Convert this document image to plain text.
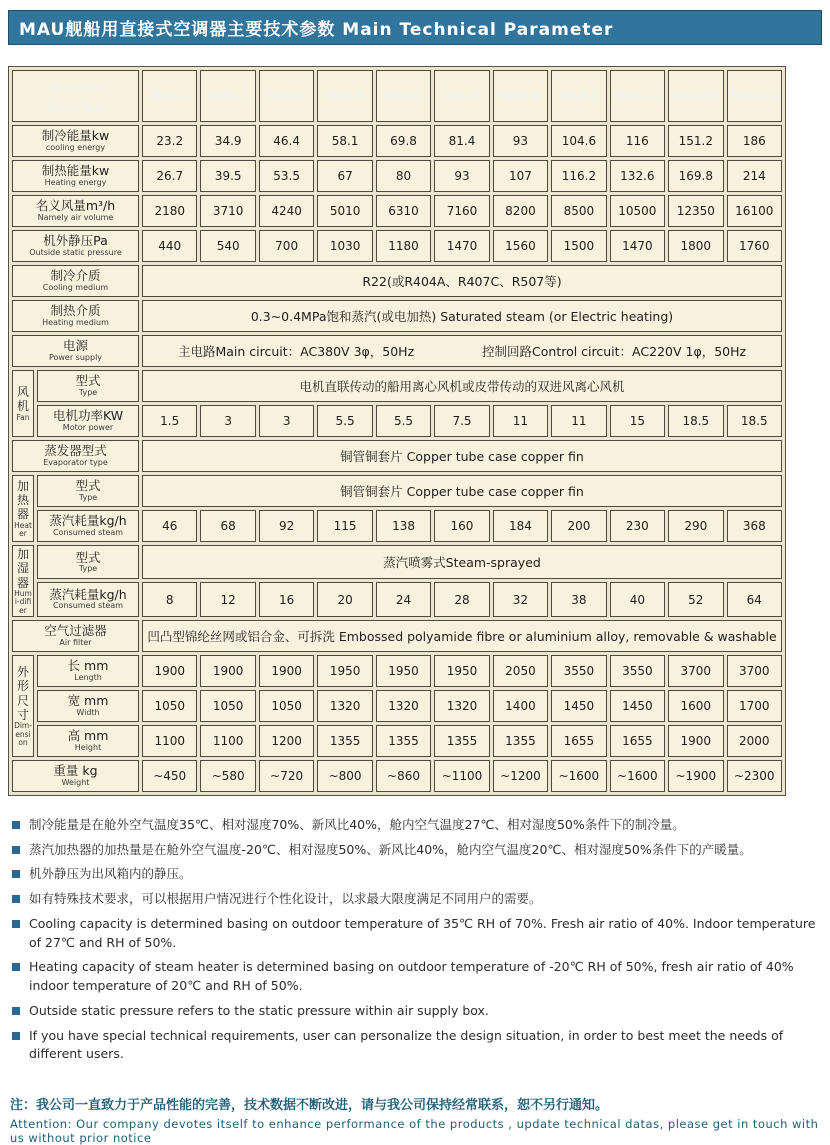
MAU舰船用直接式空调器主要技术参数 Main Technical Parameter
项目/型号
Model/Type		MAU-2	MAU-3	MAU-4	MAU-5	MAU-6	MAU-7	MAU-8	MAU-9	MAU-10	MAU-13	MAU-16

制冷能量kw
cooling energy		23.2	34.9	46.4	58.1	69.8	81.4	93	104.6	116	151.2	186

制热能量kw
Heating energy		26.7	39.5	53.5	67	80	93	107	116.2	132.6	169.8	214

名义风量m³/h
Namely air volume		2180	3710	4240	5010	6310	7160	8200	8500	10500	12350	16100

机外静压Pa
Outside static pressure		440	540	700	1030	1180	1470	1560	1500	1470	1800	1760

制冷介质
Cooling medium		R22(或R404A、R407C、R507等)										

制热介质
Heating medium		0.3~0.4MPa饱和蒸汽(或电加热) Saturated steam (or Electric heating)										

电源
Power supply	主电路Main circuit：AC380V 3φ，50Hz	控制回路Control circuit：AC220V 1φ，50Hz

风机
Fan

型式
Type	电机直联传动的船用离心风机或皮带传动的双进风离心风机

	电机功率KW
Motor power	1.5	3	3	5.5	5.5	7.5	11	11	15	18.5	18.5

蒸发器型式
Evaporator type		铜管铜套片 Copper tube case copper fin										

加热器
Heater

型式
Type	铜管铜套片 Copper tube case copper fin

	蒸汽耗量kg/h
Consumed steam	46	68	92	115	138	160	184	200	230	290	368

加湿器
Humi-difier

型式
Type	蒸汽喷雾式Steam-sprayed

	蒸汽耗量kg/h
Consumed steam	8	12	16	20	24	28	32	38	40	52	64

空气过滤器
Air filter		凹凸型锦纶丝网或铝合金、可拆洗 Embossed polyamide fibre or aluminium alloy, removable & washable										

外形尺寸
Dim-ension

长 mm
Length	1900	1900	1900	1950	1950	1950	2050	3550	3550	3700	3700

	宽 mm
Width	1050	1050	1050	1320	1320	1320	1400	1450	1450	1600	1700

	高 mm
Height	1100	1100	1200	1355	1355	1355	1355	1655	1655	1900	2000

重量 kg
Weight		~450	~580	~720	~800	~860	~1100	~1200	~1600	~1600	~1900	~2300
制冷能量是在舱外空气温度35℃、相对湿度70%、新风比40%，舱内空气温度27℃、相对湿度50%条件下的制冷量。
蒸汽加热器的加热量是在舱外空气温度-20℃、相对湿度50%、新风比40%，舱内空气温度20℃、相对湿度50%条件下的产暖量。
机外静压为出风箱内的静压。
如有特殊技术要求，可以根据用户情况进行个性化设计，以求最大限度满足不同用户的需要。
Cooling capacity is determined basing on outdoor temperature of 35℃ RH of 70%. Fresh air ratio of 40%. Indoor temperature of 27℃ and RH of 50%.
Heating capacity of steam heater is determined basing on outdoor temperature of -20℃ RH of 50%, fresh air ratio of 40% indoor temperature of 20℃ and RH of 50%.
Outside static pressure refers to the static pressure within air supply box.
If you have special technical requirements, user can personalize the design situation, in order to best meet the needs of different users.
注：我公司一直致力于产品性能的完善，技术数据不断改进，请与我公司保持经常联系，恕不另行通知。
Attention: Our company devotes itself to enhance performance of the products , update technical datas, please get in touch with us without prior notice
